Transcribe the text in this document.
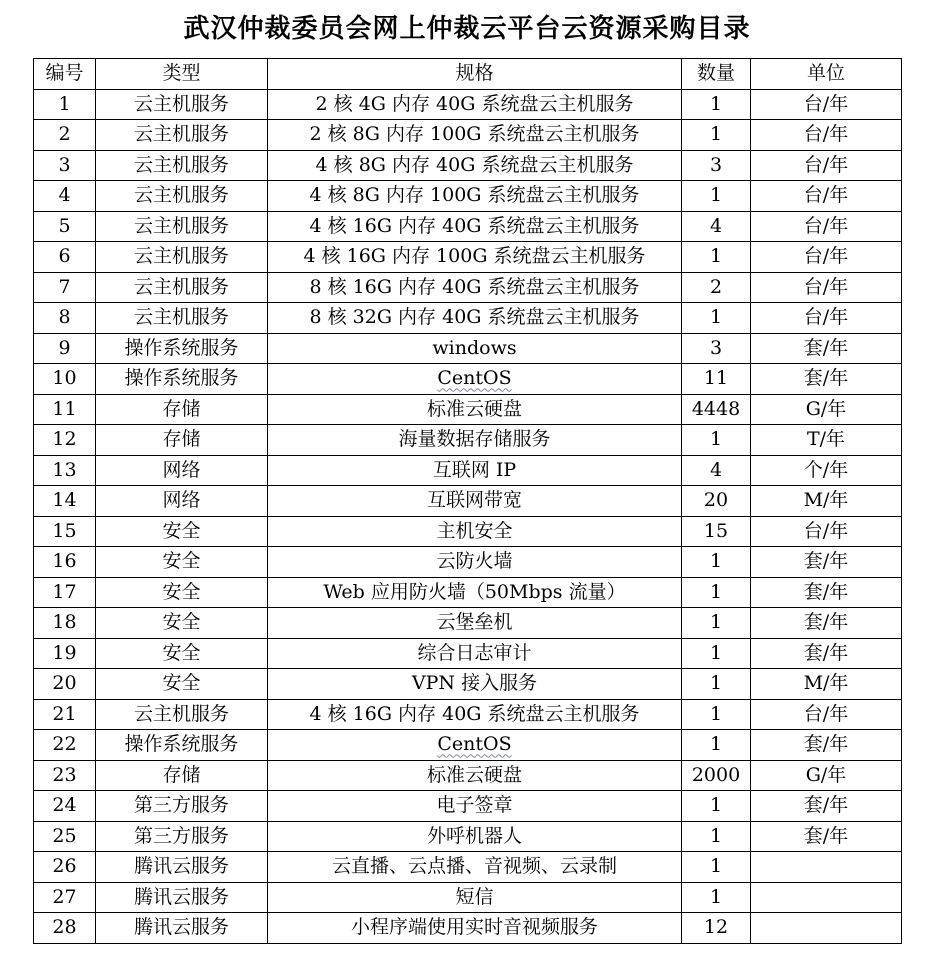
武汉仲裁委员会网上仲裁云平台云资源采购目录
编号	类型	规格	数量	单位
1	云主机服务	2 核 4G 内存 40G 系统盘云主机服务	1	台/年
2	云主机服务	2 核 8G 内存 100G 系统盘云主机服务	1	台/年
3	云主机服务	4 核 8G 内存 40G 系统盘云主机服务	3	台/年
4	云主机服务	4 核 8G 内存 100G 系统盘云主机服务	1	台/年
5	云主机服务	4 核 16G 内存 40G 系统盘云主机服务	4	台/年
6	云主机服务	4 核 16G 内存 100G 系统盘云主机服务	1	台/年
7	云主机服务	8 核 16G 内存 40G 系统盘云主机服务	2	台/年
8	云主机服务	8 核 32G 内存 40G 系统盘云主机服务	1	台/年
9	操作系统服务	windows	3	套/年
10	操作系统服务	CentOS	11	套/年
11	存储	标准云硬盘	4448	G/年
12	存储	海量数据存储服务	1	T/年
13	网络	互联网 IP	4	个/年
14	网络	互联网带宽	20	M/年
15	安全	主机安全	15	台/年
16	安全	云防火墙	1	套/年
17	安全	Web 应用防火墙（50Mbps 流量）	1	套/年
18	安全	云堡垒机	1	套/年
19	安全	综合日志审计	1	套/年
20	安全	VPN 接入服务	1	M/年
21	云主机服务	4 核 16G 内存 40G 系统盘云主机服务	1	台/年
22	操作系统服务	CentOS	1	套/年
23	存储	标准云硬盘	2000	G/年
24	第三方服务	电子签章	1	套/年
25	第三方服务	外呼机器人	1	套/年
26	腾讯云服务	云直播、云点播、音视频、云录制	1	
27	腾讯云服务	短信	1	
28	腾讯云服务	小程序端使用实时音视频服务	12	
